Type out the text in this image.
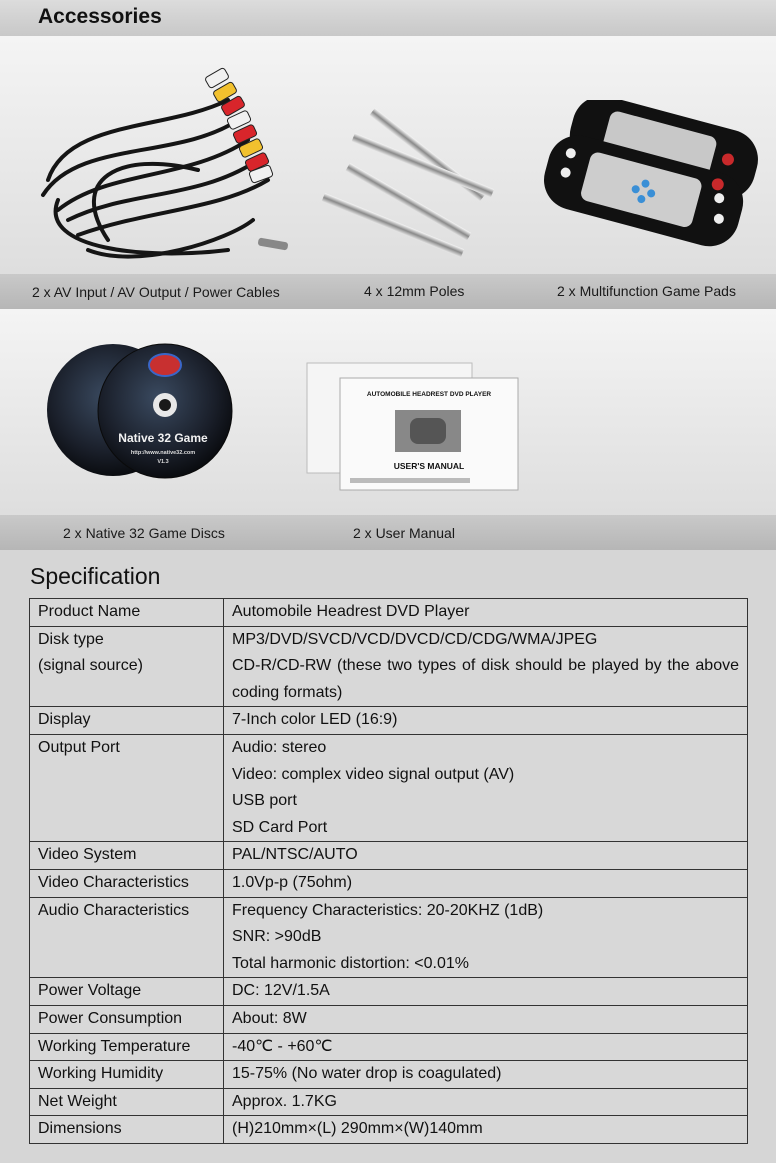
Accessories
2 x AV Input / AV Output / Power Cables	4 x 12mm Poles	2 x Multifunction Game Pads
Native 32 Game
http://www.native32.com
V1.3
AUTOMOBILE HEADREST DVD PLAYER
USER'S MANUAL
2 x Native 32 Game Discs	2 x User Manual
Specification
Product Name	Automobile Headrest DVD Player

Disk type
(signal source)	MP3/DVD/SVCD/VCD/DVCD/CD/CDG/WMA/JPEG
CD-R/CD-RW (these two types of disk should be played by the above coding formats)

Display	7-Inch color LED (16:9)

Output Port	Audio: stereo
Video: complex video signal output (AV)
USB port
SD Card Port

Video System	PAL/NTSC/AUTO

Video Characteristics	1.0Vp-p (75ohm)

Audio Characteristics	Frequency Characteristics: 20-20KHZ (1dB)
SNR: >90dB
Total harmonic distortion: <0.01%

Power Voltage	DC: 12V/1.5A

Power Consumption	About: 8W

Working Temperature	-40℃ - +60℃

Working Humidity	15-75% (No water drop is coagulated)

Net Weight	Approx. 1.7KG

Dimensions	(H)210mm×(L) 290mm×(W)140mm
